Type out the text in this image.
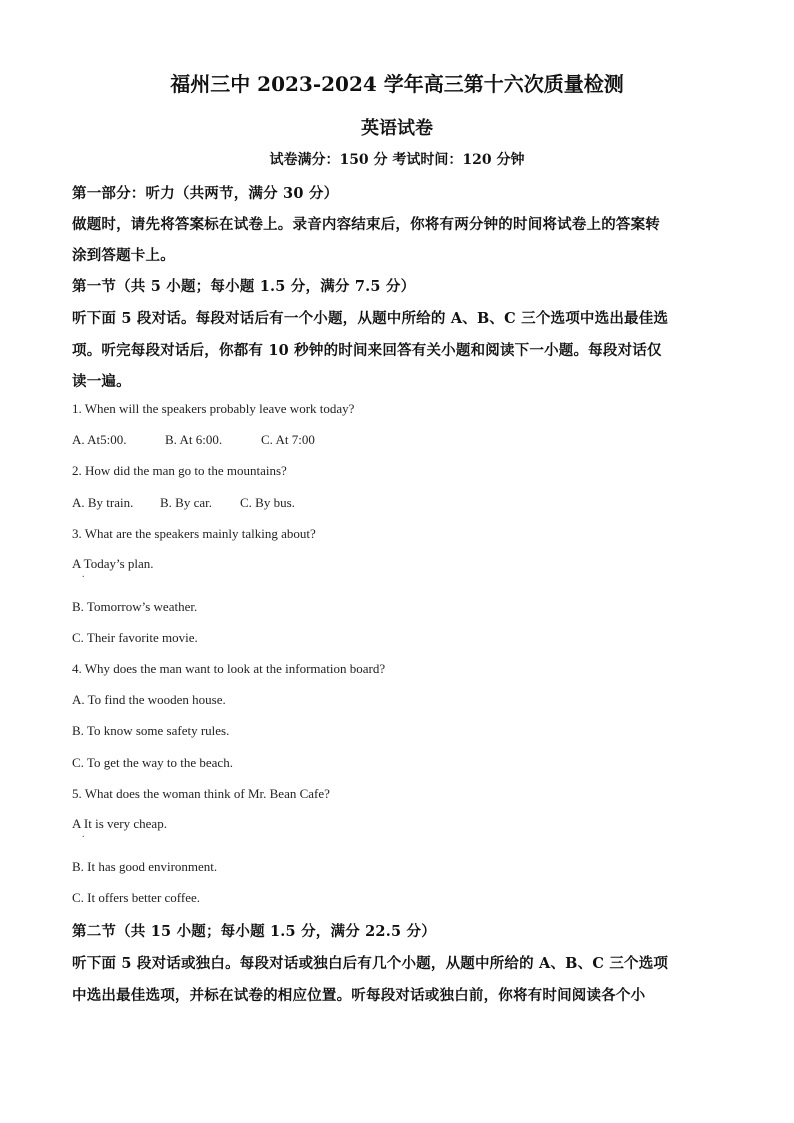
福州三中 2023-2024 学年高三第十六次质量检测
英语试卷
试卷满分：150 分 考试时间：120 分钟
第一部分：听力（共两节，满分 30 分）
做题时，请先将答案标在试卷上。录音内容结束后，你将有两分钟的时间将试卷上的答案转
涂到答题卡上。
第一节（共 5 小题；每小题 1.5 分，满分 7.5 分）
听下面 5 段对话。每段对话后有一个小题，从题中所给的 A、B、C 三个选项中选出最佳选
项。听完每段对话后，你都有 10 秒钟的时间来回答有关小题和阅读下一小题。每段对话仅
读一遍。
1. When will the speakers probably leave work today?
A. At5:00.	B. At 6:00.	C. At 7:00
2. How did the man go to the mountains?
A. By train. B. By car. C. By bus.
3. What are the speakers mainly talking about?
A Today’s plan.
.
B. Tomorrow’s weather.
C. Their favorite movie.
4. Why does the man want to look at the information board?
A. To find the wooden house.
B. To know some safety rules.
C. To get the way to the beach.
5. What does the woman think of Mr. Bean Cafe?
A It is very cheap.
.
B. It has good environment.
C. It offers better coffee.
第二节（共 15 小题；每小题 1.5 分，满分 22.5 分）
听下面 5 段对话或独白。每段对话或独白后有几个小题，从题中所给的 A、B、C 三个选项
中选出最佳选项，并标在试卷的相应位置。听每段对话或独白前，你将有时间阅读各个小
